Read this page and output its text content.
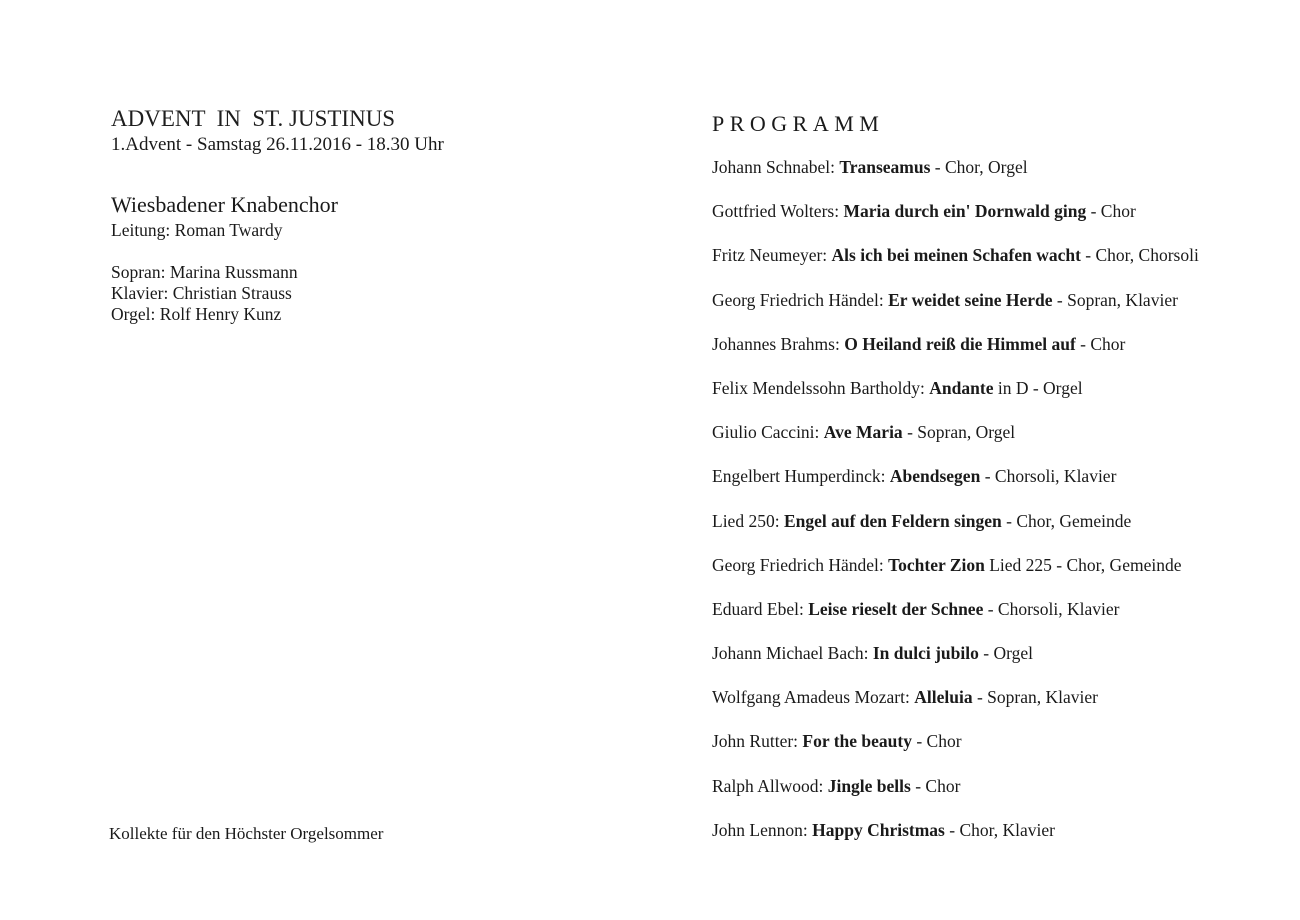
ADVENT  IN  ST. JUSTINUS
1.Advent - Samstag 26.11.2016 - 18.30 Uhr
Wiesbadener Knabenchor
Leitung: Roman Twardy
Sopran: Marina Russmann
Klavier: Christian Strauss
Orgel: Rolf Henry Kunz
Kollekte für den Höchster Orgelsommer
PROGRAMM
Johann Schnabel: Transeamus - Chor, Orgel
Gottfried Wolters: Maria durch ein' Dornwald ging - Chor
Fritz Neumeyer: Als ich bei meinen Schafen wacht - Chor, Chorsoli
Georg Friedrich Händel: Er weidet seine Herde - Sopran, Klavier
Johannes Brahms: O Heiland reiß die Himmel auf - Chor
Felix Mendelssohn Bartholdy: Andante in D - Orgel
Giulio Caccini: Ave Maria - Sopran, Orgel
Engelbert Humperdinck: Abendsegen - Chorsoli, Klavier
Lied 250: Engel auf den Feldern singen - Chor, Gemeinde
Georg Friedrich Händel: Tochter Zion Lied 225 - Chor, Gemeinde
Eduard Ebel: Leise rieselt der Schnee - Chorsoli, Klavier
Johann Michael Bach: In dulci jubilo - Orgel
Wolfgang Amadeus Mozart: Alleluia - Sopran, Klavier
John Rutter: For the beauty - Chor
Ralph Allwood: Jingle bells - Chor
John Lennon: Happy Christmas - Chor, Klavier
